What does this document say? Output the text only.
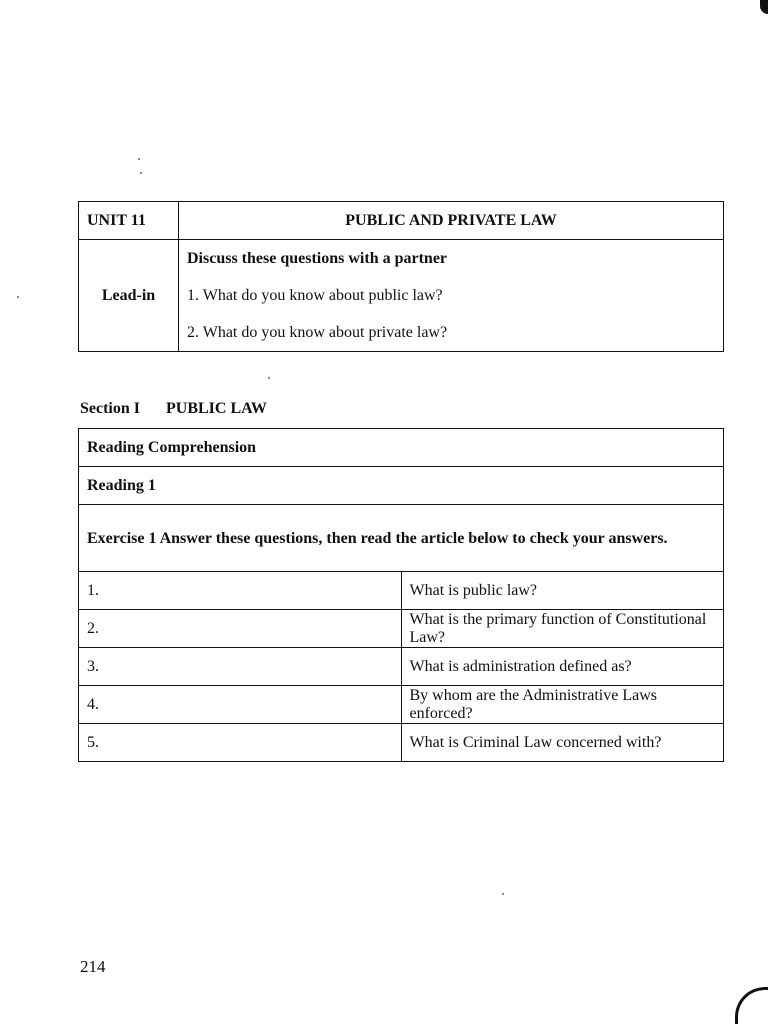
UNIT 11	PUBLIC AND PRIVATE LAW
Lead-in	Discuss these questions with a partner
1. What do you know about public law?
2. What do you know about private law?
Section I PUBLIC LAW
Reading Comprehension	
Reading 1	
Exercise 1 Answer these questions, then read the article below to check your answers.	
1.	What is public law?
2.	What is the primary function of Constitutional Law?
3.	What is administration defined as?
4.	By whom are the Administrative Laws enforced?
5.	What is Criminal Law concerned with?
214
